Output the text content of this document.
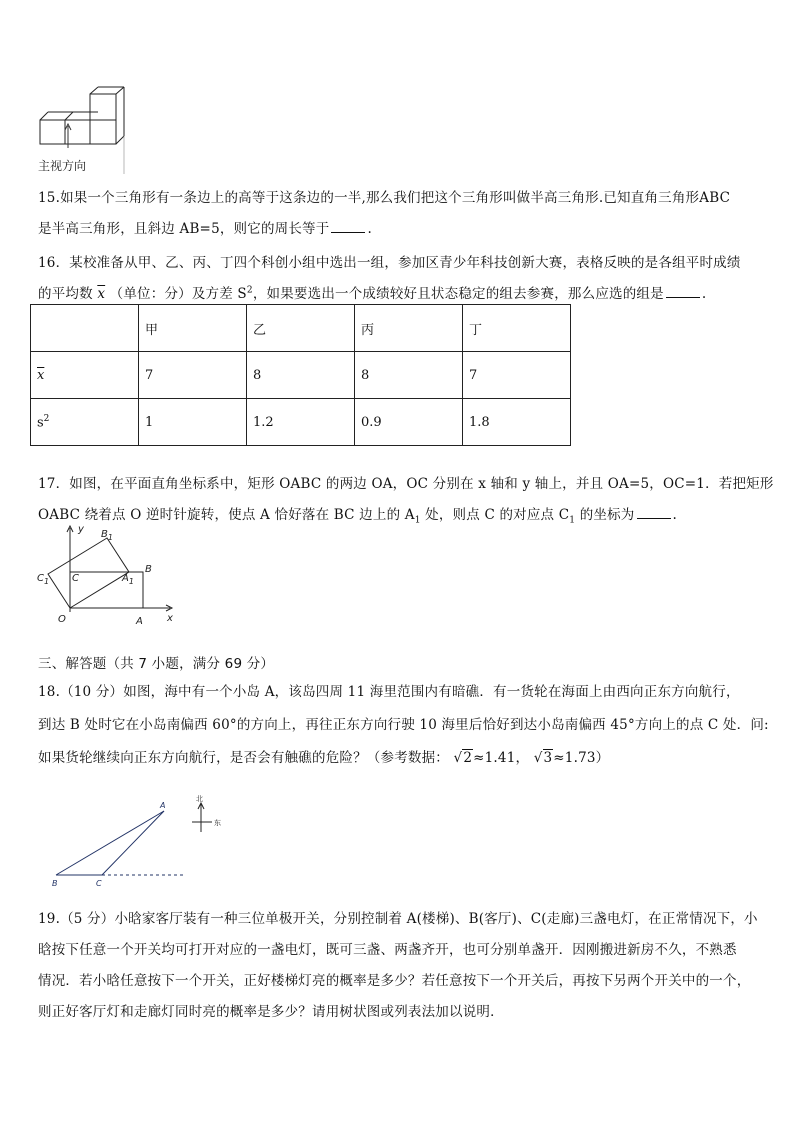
主视方向
15.如果一个三角形有一条边上的高等于这条边的一半,那么我们把这个三角形叫做半高三角形.已知直角三角形ABC
是半高三角形，且斜边 AB=5，则它的周长等于	.
16．某校准备从甲、乙、丙、丁四个科创小组中选出一组，参加区青少年科技创新大赛，表格反映的是各组平时成绩
的平均数 $\overline{x}$ （单位：分）及方差 $S^2$，如果要选出一个成绩较好且状态稳定的组去参赛，那么应选的组是	.
	甲	乙	丙	丁
$\overline{x}$	7	8	8	7
$s^2$	1	1.2	0.9	1.8
17．如图，在平面直角坐标系中，矩形 OABC 的两边 OA，OC 分别在 x 轴和 y 轴上，并且 OA=5，OC=1．若把矩形
OABC 绕着点 O 逆时针旋转，使点 A 恰好落在 BC 边上的 $A_1$ 处，则点 C 的对应点 $C_1$ 的坐标为	.
y
x
O	A
B
C	$A_1$
$B_1$
$C_1$
三、解答题（共 7 小题，满分 69 分）
18.（10 分）如图，海中有一个小岛 A，该岛四周 11 海里范围内有暗礁．有一货轮在海面上由西向正东方向航行，
到达 B 处时它在小岛南偏西 60°的方向上，再往正东方向行驶 10 海里后恰好到达小岛南偏西 45°方向上的点 C 处．问:
如果货轮继续向正东方向航行，是否会有触礁的危险？（参考数据： √2≈1.41， √3≈1.73）
A
B	C
北
东
19.（5 分）小晗家客厅装有一种三位单极开关，分别控制着 A(楼梯)、B(客厅)、C(走廊)三盏电灯，在正常情况下，小
晗按下任意一个开关均可打开对应的一盏电灯，既可三盏、两盏齐开，也可分别单盏开．因刚搬进新房不久，不熟悉
情况．若小晗任意按下一个开关，正好楼梯灯亮的概率是多少？若任意按下一个开关后，再按下另两个开关中的一个，
则正好客厅灯和走廊灯同时亮的概率是多少？请用树状图或列表法加以说明．
